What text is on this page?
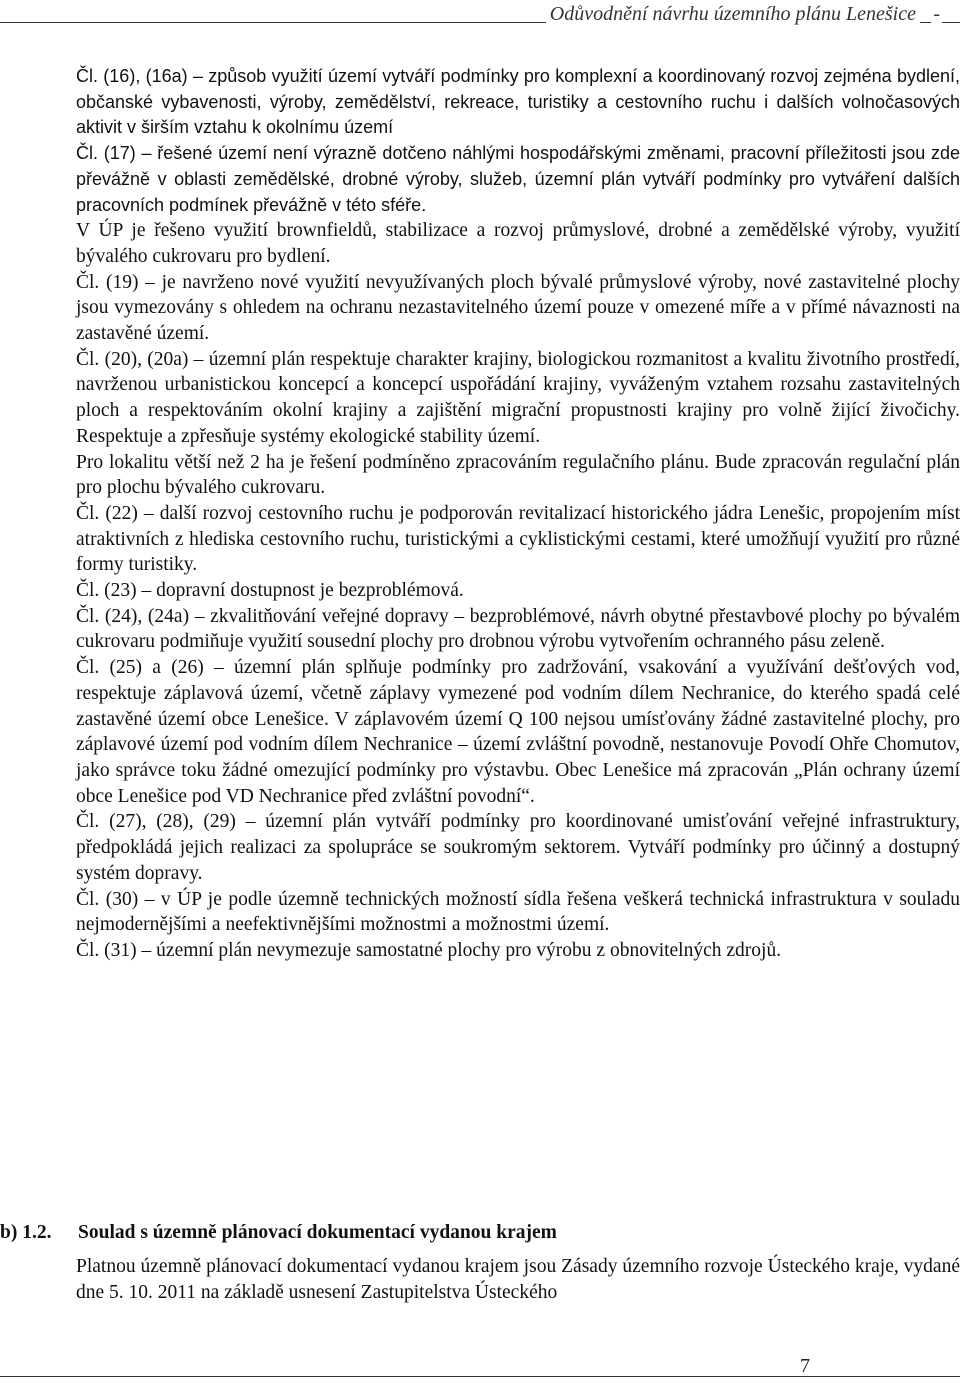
Odůvodnění návrhu územního plánu Lenešice -

Čl. (16), (16a) – způsob využití území vytváří podmínky pro komplexní a koordinovaný rozvoj zejména bydlení, občanské vybavenosti, výroby, zemědělství, rekreace, turistiky a cestovního ruchu i dalších volnočasových aktivit v širším vztahu k okolnímu území

Čl. (17) – řešené území není výrazně dotčeno náhlými hospodářskými změnami, pracovní příležitosti jsou zde převážně v oblasti zemědělské, drobné výroby, služeb, územní plán vytváří podmínky pro vytváření dalších pracovních podmínek převážně v této sféře.

V ÚP je řešeno využití brownfieldů, stabilizace a rozvoj průmyslové, drobné a zemědělské výroby, využití bývalého cukrovaru pro bydlení.

Čl. (19) – je navrženo nové využití nevyužívaných ploch bývalé průmyslové výroby, nové zastavitelné plochy jsou vymezovány s ohledem na ochranu nezastavitelného území pouze v omezené míře a v přímé návaznosti na zastavěné území.

Čl. (20), (20a) – územní plán respektuje charakter krajiny, biologickou rozmanitost a kvalitu životního prostředí, navrženou urbanistickou koncepcí a koncepcí uspořádání krajiny, vyváženým vztahem rozsahu zastavitelných ploch a respektováním okolní krajiny a zajištění migrační propustnosti krajiny pro volně žijící živočichy. Respektuje a zpřesňuje systémy ekologické stability území.

Pro lokalitu větší než 2 ha je řešení podmíněno zpracováním regulačního plánu. Bude zpracován regulační plán pro plochu bývalého cukrovaru.

Čl. (22) – další rozvoj cestovního ruchu je podporován revitalizací historického jádra Lenešic, propojením míst atraktivních z hlediska cestovního ruchu, turistickými a cyklistickými cestami, které umožňují využití pro různé formy turistiky.

Čl. (23) – dopravní dostupnost je bezproblémová.

Čl. (24), (24a) – zkvalitňování veřejné dopravy – bezproblémové, návrh obytné přestavbové plochy po bývalém cukrovaru podmiňuje využití sousední plochy pro drobnou výrobu vytvořením ochranného pásu zeleně.

Čl. (25) a (26) – územní plán splňuje podmínky pro zadržování, vsakování a využívání dešťových vod, respektuje záplavová území, včetně záplavy vymezené pod vodním dílem Nechranice, do kterého spadá celé zastavěné území obce Lenešice. V záplavovém území Q 100 nejsou umísťovány žádné zastavitelné plochy, pro záplavové území pod vodním dílem Nechranice – území zvláštní povodně, nestanovuje Povodí Ohře Chomutov, jako správce toku žádné omezující podmínky pro výstavbu. Obec Lenešice má zpracován „Plán ochrany území obce Lenešice pod VD Nechranice před zvláštní povodní“.

Čl. (27), (28), (29) – územní plán vytváří podmínky pro koordinované umisťování veřejné infrastruktury, předpokládá jejich realizaci za spolupráce se soukromým sektorem. Vytváří podmínky pro účinný a dostupný systém dopravy.

Čl. (30) – v ÚP je podle územně technických možností sídla řešena veškerá technická infrastruktura v souladu nejmodernějšími a neefektivnějšími možnostmi a možnostmi území.

Čl. (31) – územní plán nevymezuje samostatné plochy pro výrobu z obnovitelných zdrojů.

b) 1.2. Soulad s územně plánovací dokumentací vydanou krajem

Platnou územně plánovací dokumentací vydanou krajem jsou Zásady územního rozvoje Ústeckého kraje, vydané dne 5. 10. 2011 na základě usnesení Zastupitelstva Ústeckého

7
